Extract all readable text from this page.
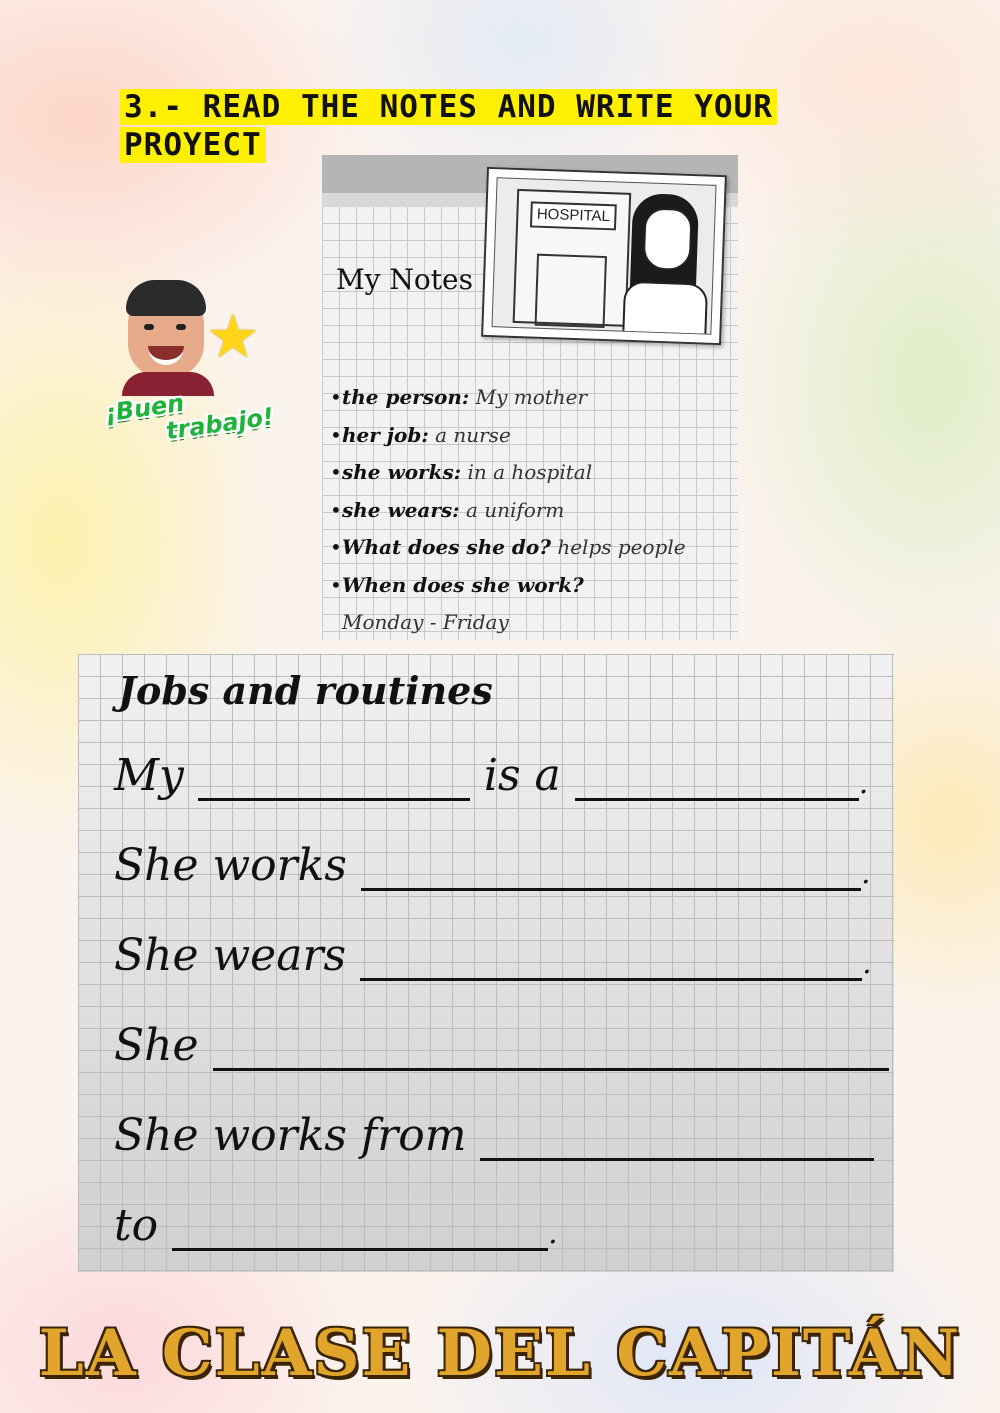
3.- READ THE NOTES AND WRITE YOUR PROYECT
★
¡Buen
trabajo!
HOSPITAL
My Notes
•the person: My mother
•her job: a nurse
•she works: in a hospital
•she wears: a uniform
•What does she do? helps people
•When does she work?
Monday - Friday
Jobs and routines
My	is a	.
She works	.
She wears	.
She
She works from
to	.
LA CLASE DEL CAPITÁN
